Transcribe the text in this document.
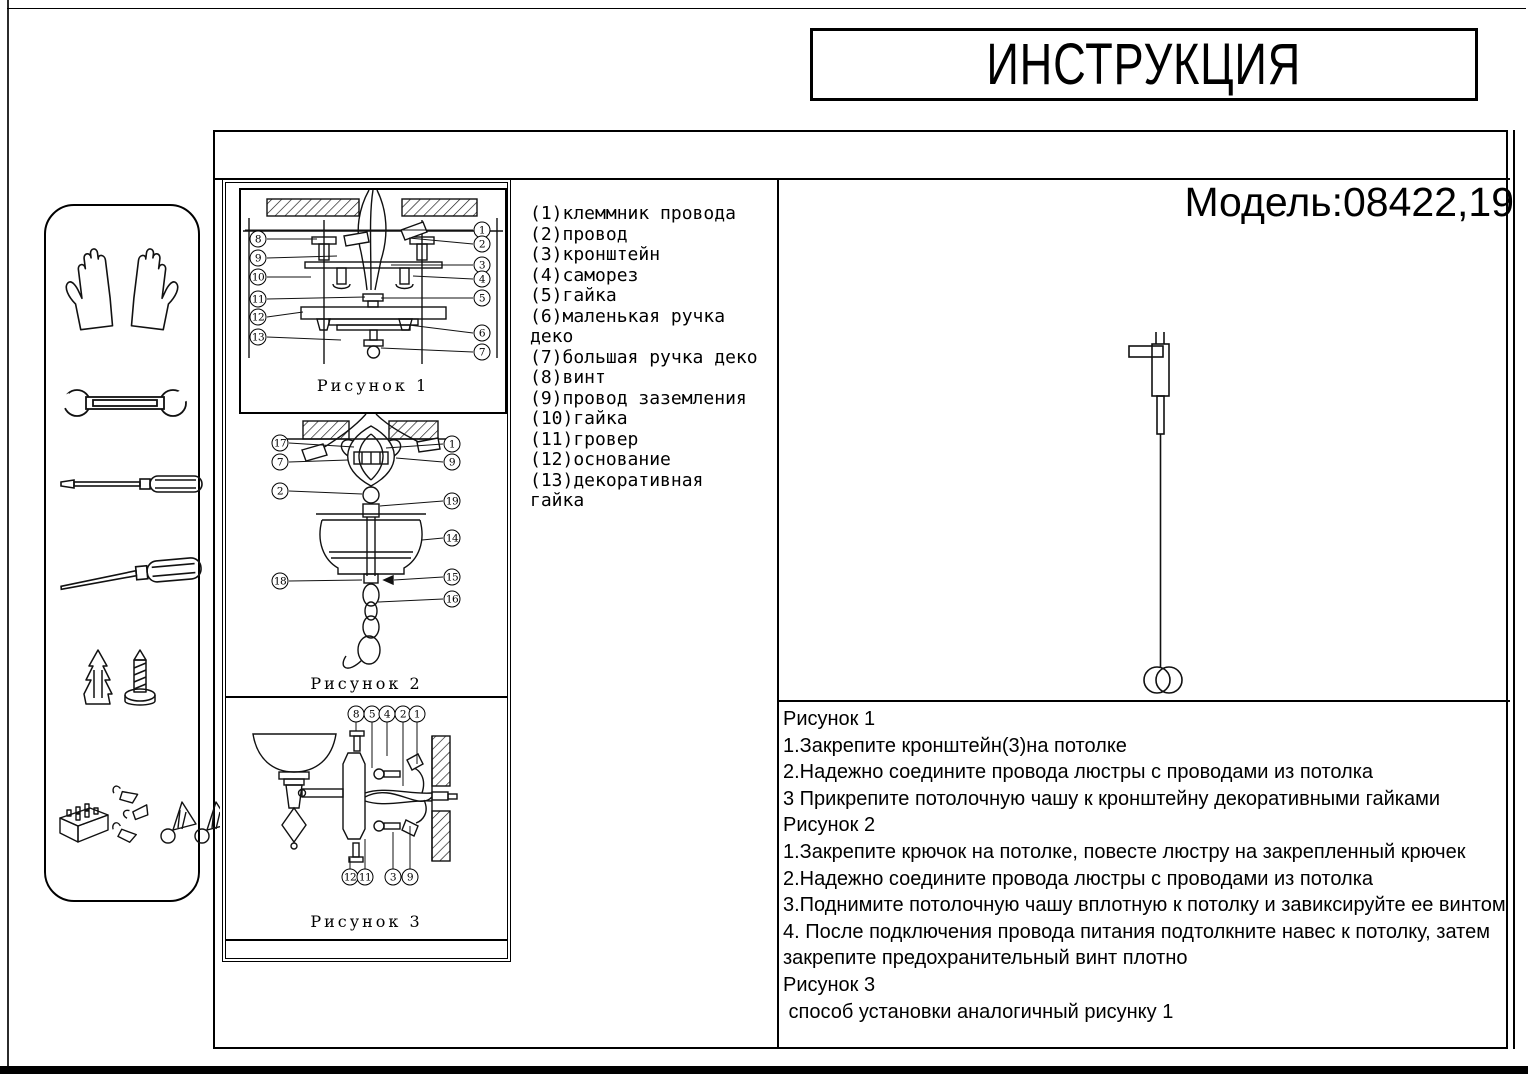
ИНСТРУКЦИЯ
Рисунок 1
8
9
10
11
12
13
1
2
3
4
5
6
7
Рисунок 2
17
7
2
18
1
9
19
14
15
16
Рисунок 3
8 5 4 2 1
12 11	3	9
(1)клеммник провода
(2)провод
(3)кронштейн
(4)саморез
(5)гайка
(6)маленькая ручка
деко
(7)большая ручка деко
(8)винт
(9)провод заземления
(10)гайка
(11)гровер
(12)основание
(13)декоративная
гайка
Модель:08422,19
Рисунок 1
1.Закрепите кронштейн(3)на потолке
2.Надежно соедините провода люстры с проводами из потолка
3 Прикрепите потолочную чашу к кронштейну декоративными гайками
Рисунок 2
1.Закрепите крючок на потолке, повесте люстру на закрепленный крючек
2.Надежно соедините провода люстры с проводами из потолка
3.Поднимите потолочную чашу вплотную к потолку и завиксируйте ее винтом
4. После подключения провода питания подтолкните навес к потолку, затем
закрепите предохранительный винт плотно
Рисунок 3
способ установки аналогичный рисунку 1
